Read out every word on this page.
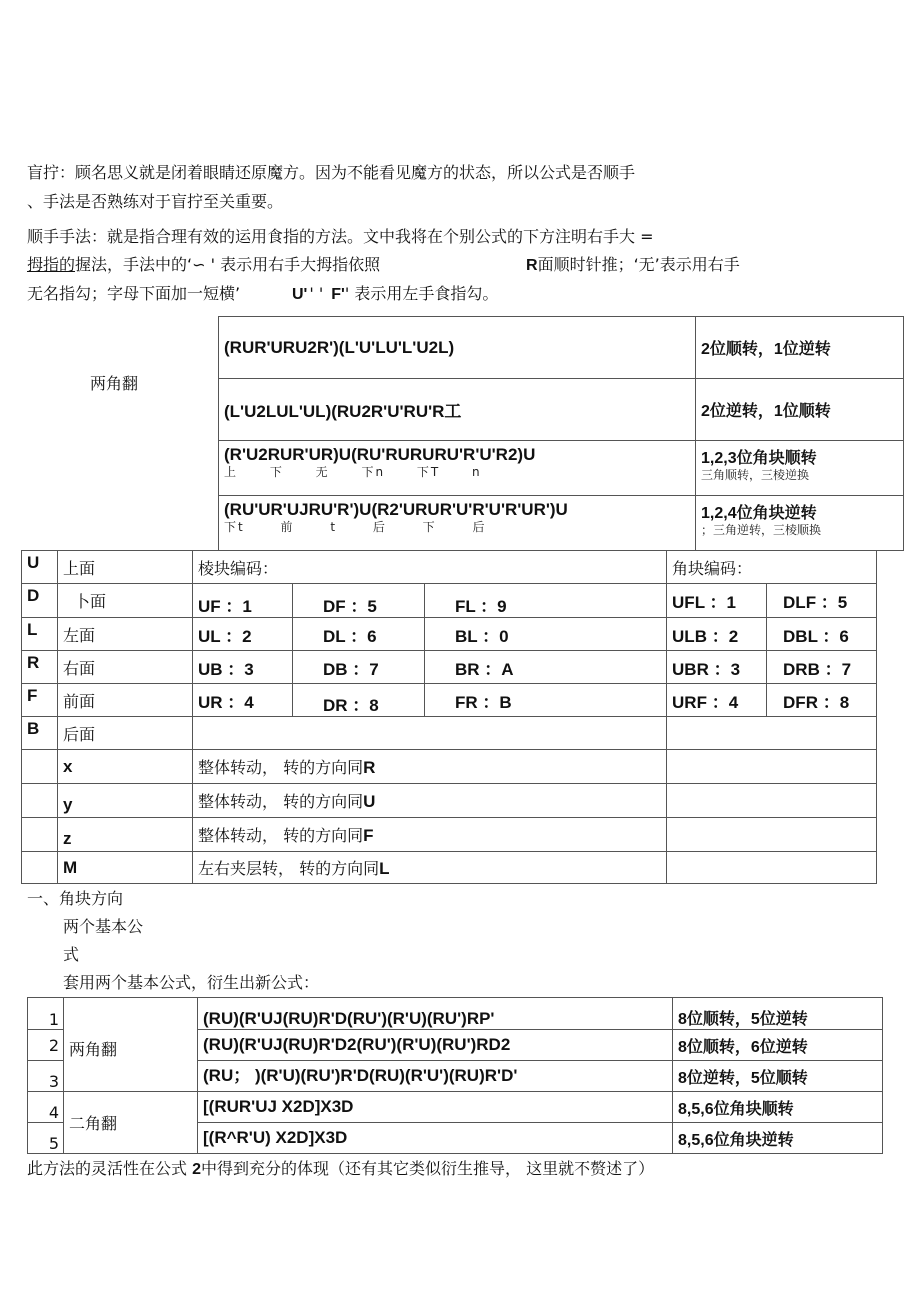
盲拧：顾名思义就是闭着眼睛还原魔方。因为不能看见魔方的状态，所以公式是否顺手
、手法是否熟练对于盲拧至关重要。
顺手手法：就是指合理有效的运用食指的方法。文中我将在个别公式的下方注明右手大 =
拇指的握法，手法中的‘∽ ' 表示用右手大拇指依照	R面顺时针推；‘无’表示用右手
无名指勾；字母下面加一短横’	U' ' ' F'' 表示用左手食指勾。
两角翻
(RUR'URU2R')(L'U'LU'L'U2L)	2位顺转，1位逆转
(L'U2LUL'UL)(RU2R'U'RU'R工	2位逆转，1位顺转

(R'U2RUR'UR)U(RU'RURURU'R'U'R2)U
上 下 无 下n 下T n	1,2,3位角块顺转
三角顺转，三棱逆换

(RU'UR'UJRU'R')U(R2'URUR'U'R'U'R'UR')U
下t 前 t 后 下 后	1,2,4位角块逆转
；三角逆转，三棱顺换
U	上面	棱块编码：			角块编码：	
D	卜面	UF ：1	DF ：5	FL ：9	UFL ：1	DLF ：5
L	左面	UL ：2	DL ：6	BL ：0	ULB ：2	DBL ：6
R	右面	UB ：3	DB ：7	BR ：A	UBR ：3	DRB ：7
F	前面	UR ：4	DR ：8	FR ：B	URF ：4	DFR ：8
B	后面					
	x	整体转动， 转的方向同R				
	y	整体转动， 转的方向同U				
	z	整体转动， 转的方向同F				
	M	左右夹层转， 转的方向同L				
一、角块方向
两个基本公
式
套用两个基本公式，衍生出新公式：
1	两角翻	(RU)(R'UJ(RU)R'D(RU')(R'U)(RU')RP'	8位顺转，5位逆转
2		(RU)(R'UJ(RU)R'D2(RU')(R'U)(RU')RD2	8位顺转，6位逆转
3		(RU； )(R'U)(RU')R'D(RU)(R'U')(RU)R'D'	8位逆转，5位顺转
4	二角翻	[(RUR'UJ X2D]X3D	8,5,6位角块顺转
5		[(R^R'U) X2D]X3D	8,5,6位角块逆转
此方法的灵活性在公式 2中得到充分的体现（还有其它类似衍生推导， 这里就不赘述了）
